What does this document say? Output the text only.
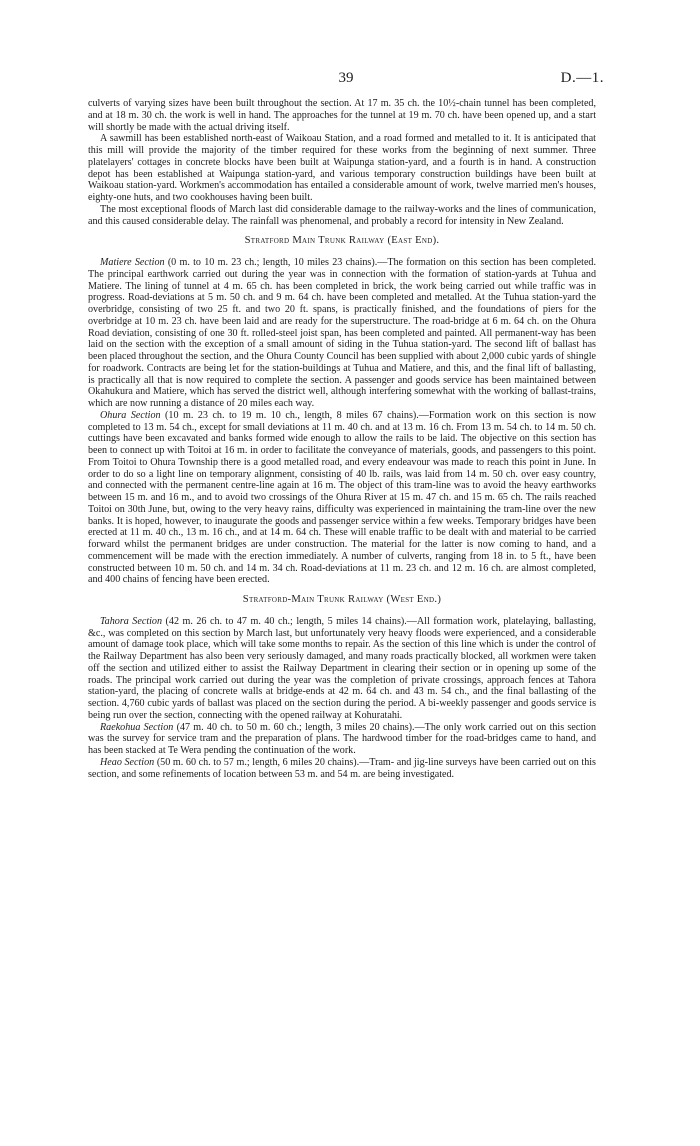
39	D.—1.

culverts of varying sizes have been built throughout the section. At 17 m. 35 ch. the 10½-chain tunnel has been completed, and at 18 m. 30 ch. the work is well in hand. The approaches for the tunnel at 19 m. 70 ch. have been opened up, and a start will shortly be made with the actual driving itself.

A sawmill has been established north-east of Waikoau Station, and a road formed and metalled to it. It is anticipated that this mill will provide the majority of the timber required for these works from the beginning of next summer. Three platelayers' cottages in concrete blocks have been built at Waipunga station-yard, and a fourth is in hand. A construction depot has been established at Waipunga station-yard, and various temporary construction buildings have been built at Waikoau station-yard. Workmen's accommodation has entailed a considerable amount of work, twelve married men's houses, eighty-one huts, and two cookhouses having been built.

The most exceptional floods of March last did considerable damage to the railway-works and the lines of communication, and this caused considerable delay. The rainfall was phenomenal, and probably a record for intensity in New Zealand.

Stratford Main Trunk Railway (East End).

Matiere Section (0 m. to 10 m. 23 ch.; length, 10 miles 23 chains).—The formation on this section has been completed. The principal earthwork carried out during the year was in connection with the formation of station-yards at Tuhua and Matiere. The lining of tunnel at 4 m. 65 ch. has been completed in brick, the work being carried out while traffic was in progress. Road-deviations at 5 m. 50 ch. and 9 m. 64 ch. have been completed and metalled. At the Tuhua station-yard the overbridge, consisting of two 25 ft. and two 20 ft. spans, is practically finished, and the foundations of piers for the overbridge at 10 m. 23 ch. have been laid and are ready for the superstructure. The road-bridge at 6 m. 64 ch. on the Ohura Road deviation, consisting of one 30 ft. rolled-steel joist span, has been completed and painted. All permanent-way has been laid on the section with the exception of a small amount of siding in the Tuhua station-yard. The second lift of ballast has been placed throughout the section, and the Ohura County Council has been supplied with about 2,000 cubic yards of shingle for roadwork. Contracts are being let for the station-buildings at Tuhua and Matiere, and this, and the final lift of ballasting, is practically all that is now required to complete the section. A passenger and goods service has been maintained between Okahukura and Matiere, which has served the district well, although interfering somewhat with the working of ballast-trains, which are now running a distance of 20 miles each way.

Ohura Section (10 m. 23 ch. to 19 m. 10 ch., length, 8 miles 67 chains).—Formation work on this section is now completed to 13 m. 54 ch., except for small deviations at 11 m. 40 ch. and at 13 m. 16 ch. From 13 m. 54 ch. to 14 m. 50 ch. cuttings have been excavated and banks formed wide enough to allow the rails to be laid. The objective on this section has been to connect up with Toitoi at 16 m. in order to facilitate the conveyance of materials, goods, and passengers to this point. From Toitoi to Ohura Township there is a good metalled road, and every endeavour was made to reach this point in June. In order to do so a light line on temporary alignment, consisting of 40 lb. rails, was laid from 14 m. 50 ch. over easy country, and connected with the permanent centre-line again at 16 m. The object of this tram-line was to avoid the heavy earthworks between 15 m. and 16 m., and to avoid two crossings of the Ohura River at 15 m. 47 ch. and 15 m. 65 ch. The rails reached Toitoi on 30th June, but, owing to the very heavy rains, difficulty was experienced in maintaining the tram-line over the new banks. It is hoped, however, to inaugurate the goods and passenger service within a few weeks. Temporary bridges have been erected at 11 m. 40 ch., 13 m. 16 ch., and at 14 m. 64 ch. These will enable traffic to be dealt with and material to be carried forward whilst the permanent bridges are under construction. The material for the latter is now coming to hand, and a commencement will be made with the erection immediately. A number of culverts, ranging from 18 in. to 5 ft., have been constructed between 10 m. 50 ch. and 14 m. 34 ch. Road-deviations at 11 m. 23 ch. and 12 m. 16 ch. are almost completed, and 400 chains of fencing have been erected.

Stratford-Main Trunk Railway (West End.)

Tahora Section (42 m. 26 ch. to 47 m. 40 ch.; length, 5 miles 14 chains).—All formation work, platelaying, ballasting, &c., was completed on this section by March last, but unfortunately very heavy floods were experienced, and a considerable amount of damage took place, which will take some months to repair. As the section of this line which is under the control of the Railway Department has also been very seriously damaged, and many roads practically blocked, all workmen were taken off the section and utilized either to assist the Railway Department in clearing their section or in opening up some of the roads. The principal work carried out during the year was the completion of private crossings, approach fences at Tahora station-yard, the placing of concrete walls at bridge-ends at 42 m. 64 ch. and 43 m. 54 ch., and the final ballasting of the section. 4,760 cubic yards of ballast was placed on the section during the period. A bi-weekly passenger and goods service is being run over the section, connecting with the opened railway at Kohuratahi.

Raekohua Section (47 m. 40 ch. to 50 m. 60 ch.; length, 3 miles 20 chains).—The only work carried out on this section was the survey for service tram and the preparation of plans. The hardwood timber for the road-bridges came to hand, and has been stacked at Te Wera pending the continuation of the work.

Heao Section (50 m. 60 ch. to 57 m.; length, 6 miles 20 chains).—Tram- and jig-line surveys have been carried out on this section, and some refinements of location between 53 m. and 54 m. are being investigated.
